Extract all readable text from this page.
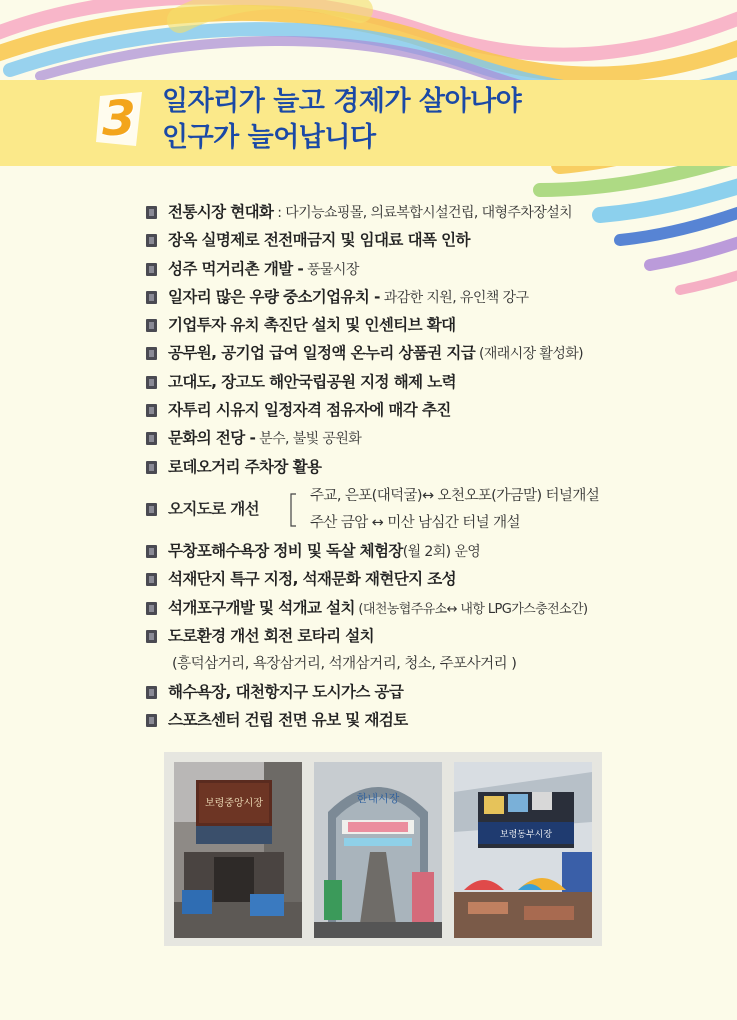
3 일자리가 늘고 경제가 살아나야
인구가 늘어납니다
전통시장 현대화 : 다기능쇼핑몰, 의료복합시설건립, 대형주차장설치
장옥 실명제로 전전매금지 및 임대료 대폭 인하
성주 먹거리촌 개발 - 풍물시장
일자리 많은 우량 중소기업유치 - 과감한 지원, 유인책 강구
기업투자 유치 촉진단 설치 및 인센티브 확대
공무원, 공기업 급여 일정액 온누리 상품권 지급 (재래시장 활성화)
고대도, 장고도 해안국립공원 지정 해제 노력
자투리 시유지 일정자격 점유자에 매각 추진
문화의 전당 - 분수, 불빛 공원화
로데오거리 주차장 활용
오지도로 개선
주교, 은포(대덕굴)↔ 오천오포(가금말) 터널개설
주산 금암 ↔ 미산 남심간 터널 개설
무창포해수욕장 정비 및 독살 체험장(월 2회) 운영
석재단지 특구 지정, 석재문화 재현단지 조성
석개포구개발 및 석개교 설치 (대천농협주유소↔ 내항 LPG가스충전소간)
도로환경 개선 회전 로타리 설치
(흥덕삼거리, 욕장삼거리, 석개삼거리, 청소, 주포사거리 )
해수욕장, 대천항지구 도시가스 공급
스포츠센터 건립 전면 유보 및 재검토
보령중앙시장	한내시장
보령동부시장
